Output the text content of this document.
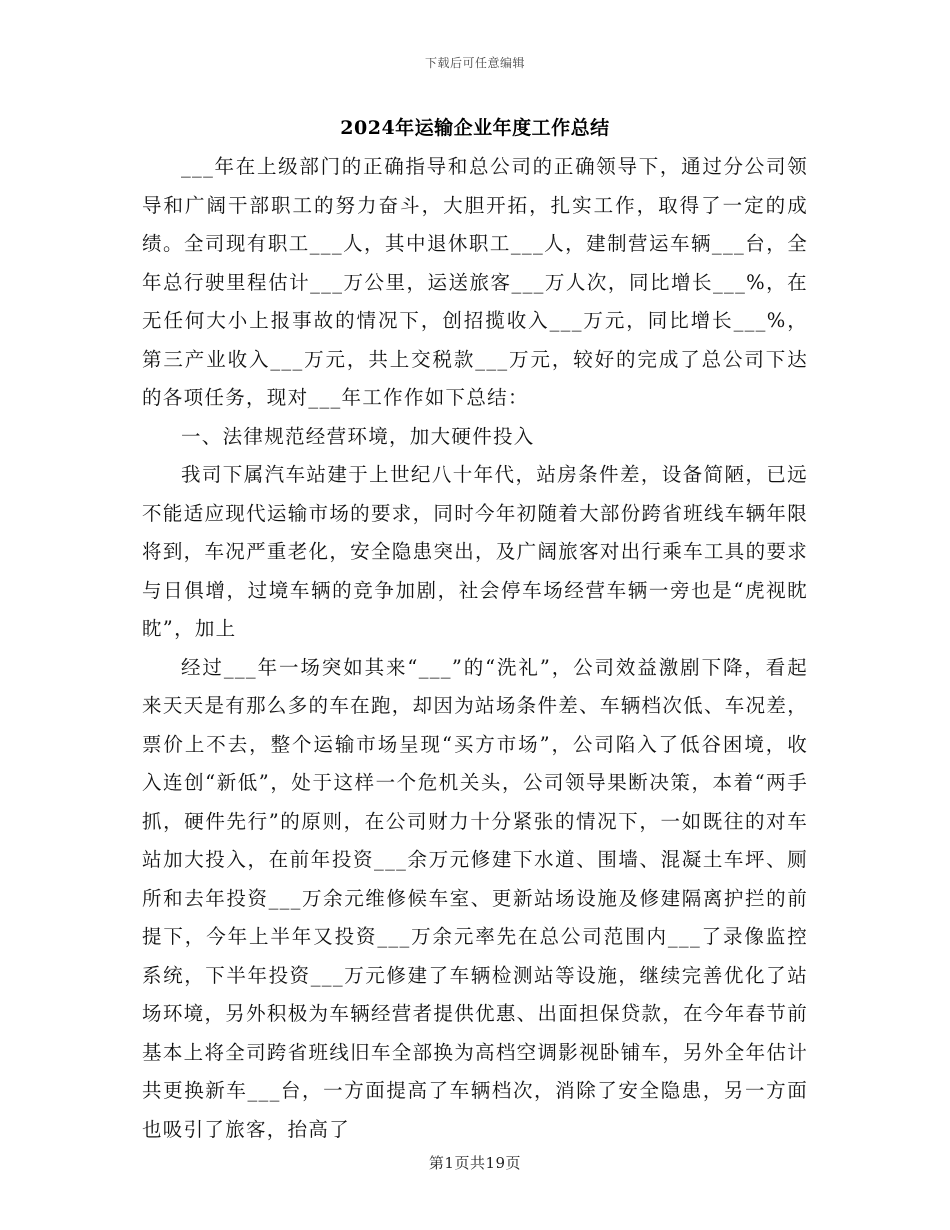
下载后可任意编辑
2024年运输企业年度工作总结

___年在上级部门的正确指导和总公司的正确领导下，通过分公司领导和广阔干部职工的努力奋斗，大胆开拓，扎实工作，取得了一定的成绩。全司现有职工___人，其中退休职工___人，建制营运车辆___台，全年总行驶里程估计___万公里，运送旅客___万人次，同比增长___%，在无任何大小上报事故的情况下，创招揽收入___万元，同比增长___%，第三产业收入___万元，共上交税款___万元，较好的完成了总公司下达的各项任务，现对___年工作作如下总结：

一、法律规范经营环境，加大硬件投入

我司下属汽车站建于上世纪八十年代，站房条件差，设备简陋，已远不能适应现代运输市场的要求，同时今年初随着大部份跨省班线车辆年限将到，车况严重老化，安全隐患突出，及广阔旅客对出行乘车工具的要求与日俱增，过境车辆的竞争加剧，社会停车场经营车辆一旁也是“虎视眈眈”，加上

经过___年一场突如其来“___”的“洗礼”，公司效益激剧下降，看起来天天是有那么多的车在跑，却因为站场条件差、车辆档次低、车况差，票价上不去，整个运输市场呈现“买方市场”，公司陷入了低谷困境，收入连创“新低”，处于这样一个危机关头，公司领导果断决策，本着“两手抓，硬件先行”的原则，在公司财力十分紧张的情况下，一如既往的对车站加大投入，在前年投资___余万元修建下水道、围墙、混凝土车坪、厕所和去年投资___万余元维修候车室、更新站场设施及修建隔离护拦的前提下，今年上半年又投资___万余元率先在总公司范围内___了录像监控系统，下半年投资___万元修建了车辆检测站等设施，继续完善优化了站场环境，另外积极为车辆经营者提供优惠、出面担保贷款，在今年春节前基本上将全司跨省班线旧车全部换为高档空调影视卧铺车，另外全年估计共更换新车___台，一方面提高了车辆档次，消除了安全隐患，另一方面也吸引了旅客，抬高了

第1页共19页
